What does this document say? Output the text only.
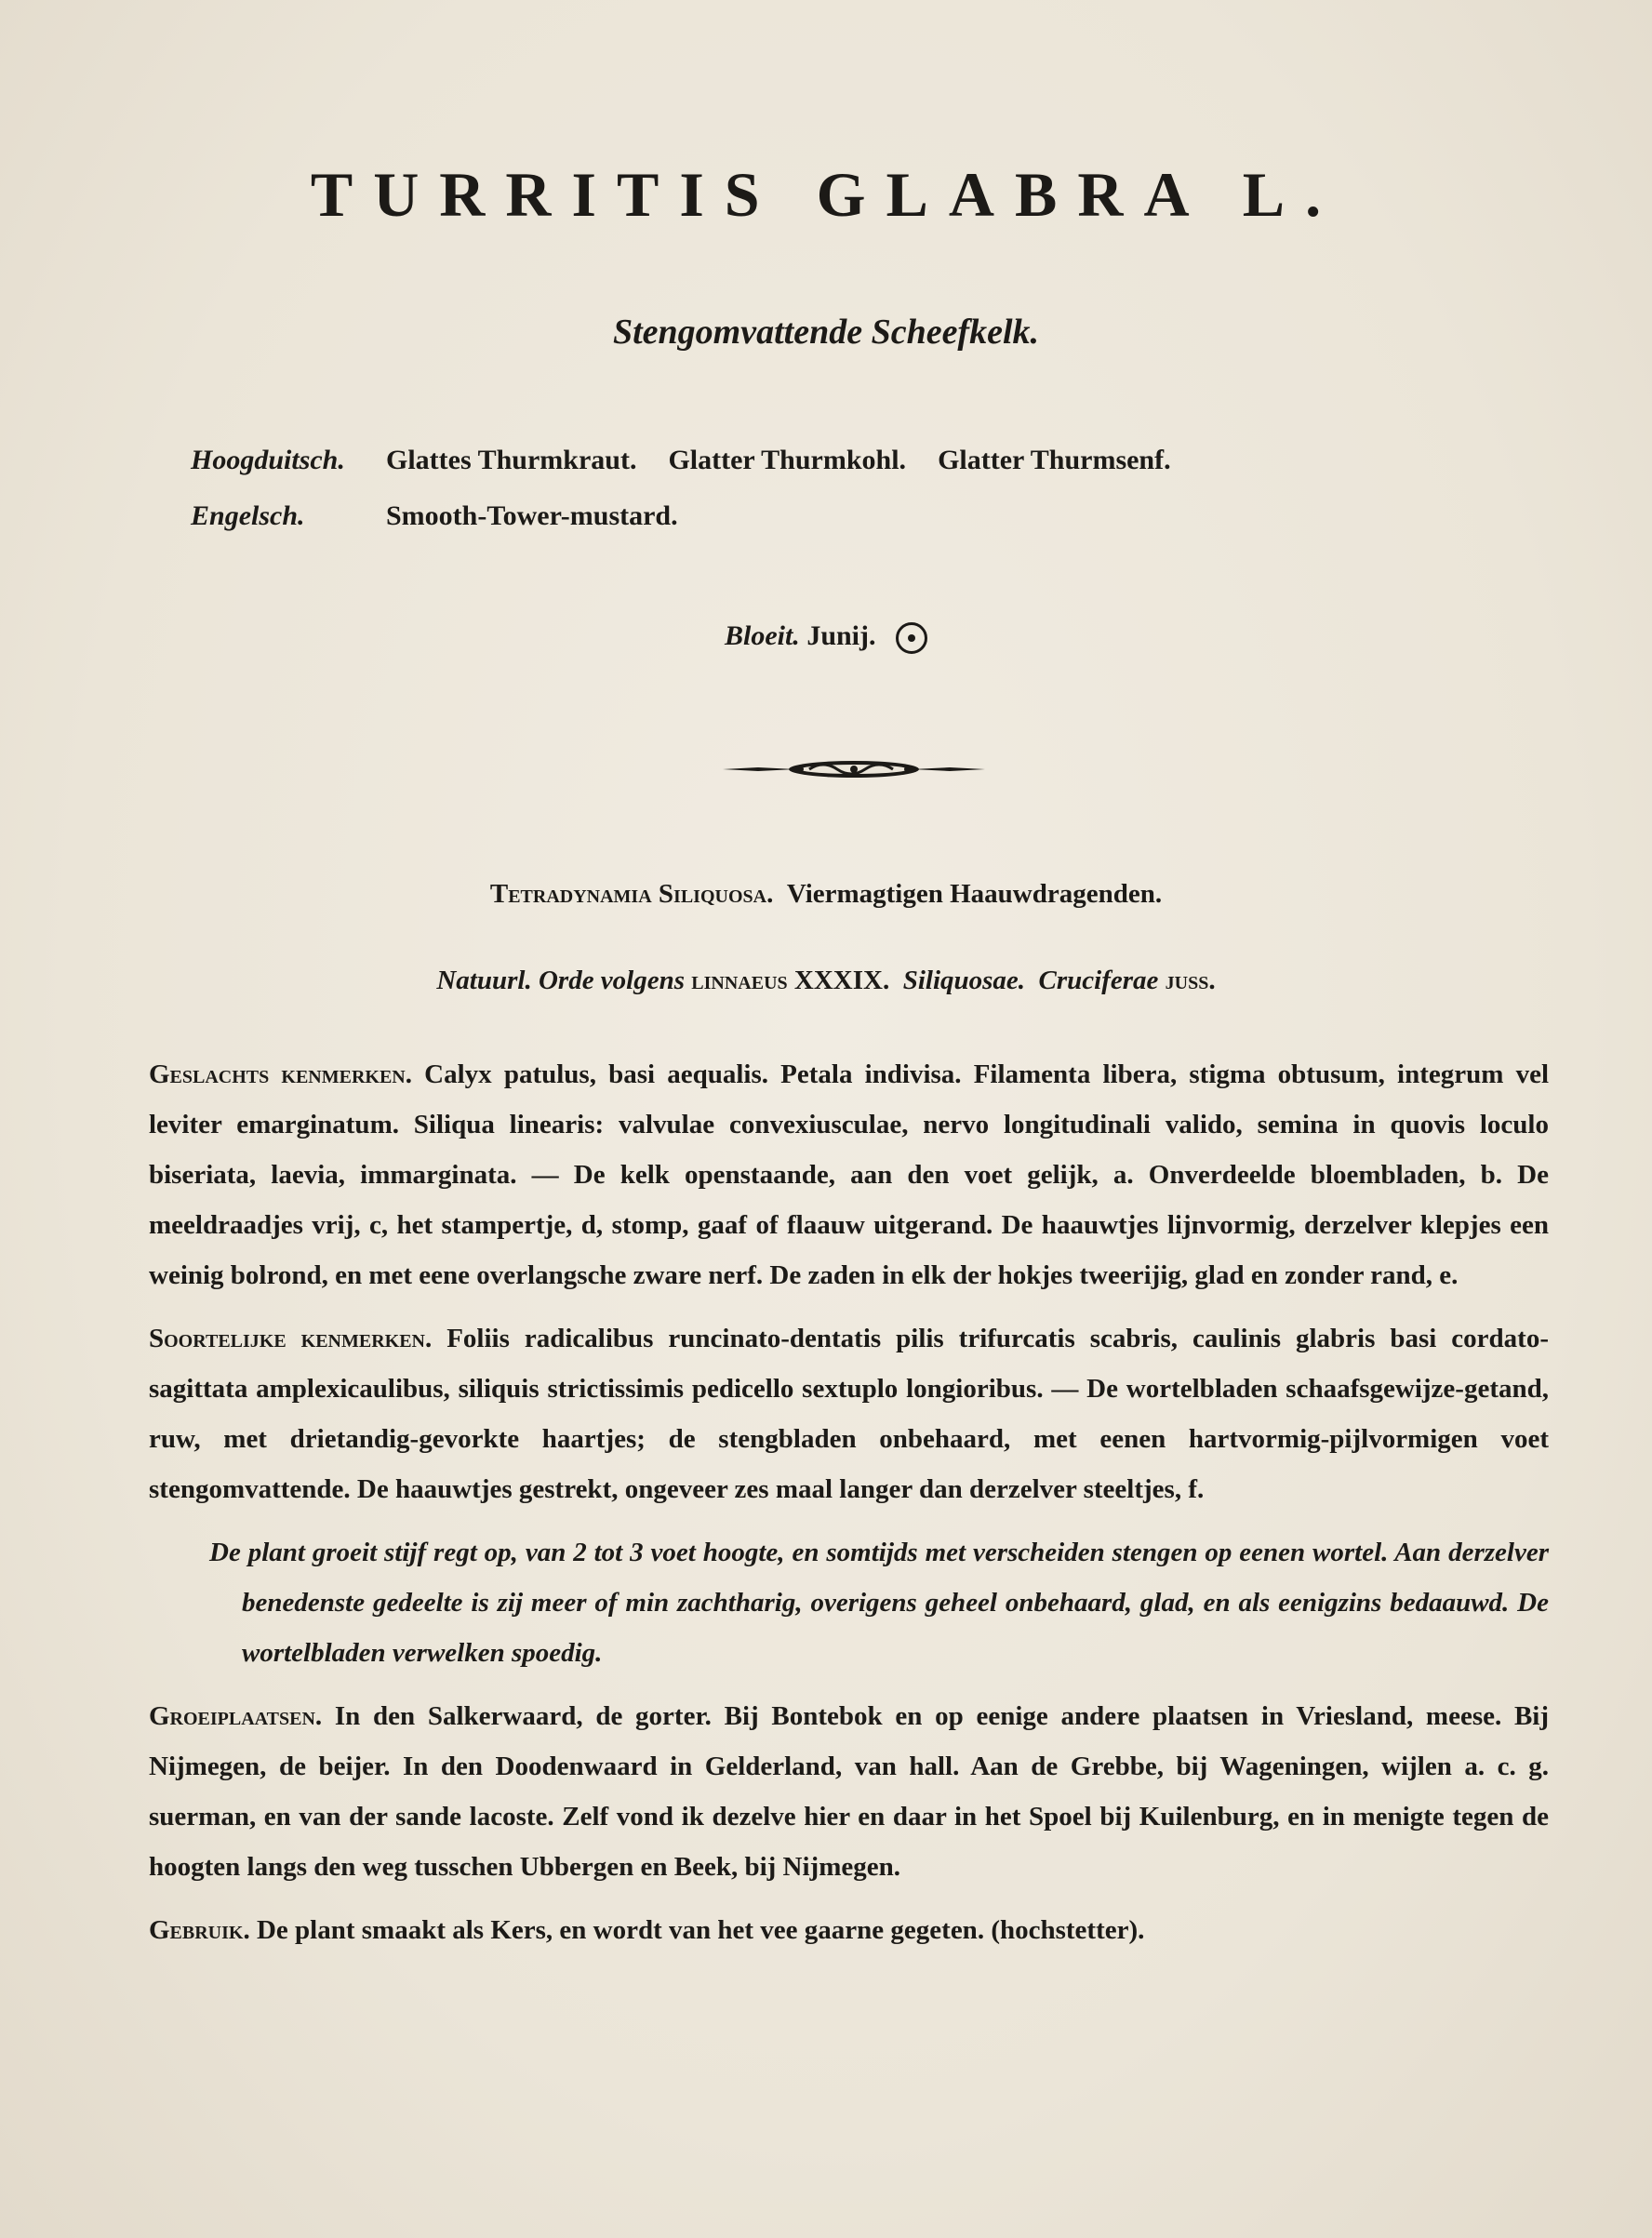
TURRITIS GLABRA L.
Stengomvattende Scheefkelk.
Hoogduitsch.	Glattes Thurmkraut. Glatter Thurmkohl. Glatter Thurmsenf.
Engelsch.	Smooth-Tower-mustard.
Bloeit. Junij.
Tetradynamia Siliquosa. Viermagtigen Haauwdragenden.
Natuurl. Orde volgens linnaeus XXXIX. Siliquosae. Cruciferae juss.

Geslachts kenmerken. Calyx patulus, basi aequalis. Petala indivisa. Filamenta libera, stigma obtusum, integrum vel leviter emarginatum. Siliqua linearis: valvulae convexiusculae, nervo longitudinali valido, semina in quovis loculo biseriata, laevia, immarginata. — De kelk openstaande, aan den voet gelijk, a. Onverdeelde bloembladen, b. De meeldraadjes vrij, c, het stampertje, d, stomp, gaaf of flaauw uitgerand. De haauwtjes lijnvormig, derzelver klepjes een weinig bolrond, en met eene overlangsche zware nerf. De zaden in elk der hokjes tweerijig, glad en zonder rand, e.

Soortelijke kenmerken. Foliis radicalibus runcinato-dentatis pilis trifurcatis scabris, caulinis glabris basi cordato-sagittata amplexicaulibus, siliquis strictissimis pedicello sextuplo longioribus. — De wortelbladen schaafsgewijze-getand, ruw, met drietandig-gevorkte haartjes; de stengbladen onbehaard, met eenen hartvormig-pijlvormigen voet stengomvattende. De haauwtjes gestrekt, ongeveer zes maal langer dan derzelver steeltjes, f.

De plant groeit stijf regt op, van 2 tot 3 voet hoogte, en somtijds met verscheiden stengen op eenen wortel. Aan derzelver benedenste gedeelte is zij meer of min zachtharig, overigens geheel onbehaard, glad, en als eenigzins bedaauwd. De wortelbladen verwelken spoedig.

Groeiplaatsen. In den Salkerwaard, de gorter. Bij Bontebok en op eenige andere plaatsen in Vriesland, meese. Bij Nijmegen, de beijer. In den Doodenwaard in Gelderland, van hall. Aan de Grebbe, bij Wageningen, wijlen a. c. g. suerman, en van der sande lacoste. Zelf vond ik dezelve hier en daar in het Spoel bij Kuilenburg, en in menigte tegen de hoogten langs den weg tusschen Ubbergen en Beek, bij Nijmegen.

Gebruik. De plant smaakt als Kers, en wordt van het vee gaarne gegeten. (hochstetter).
